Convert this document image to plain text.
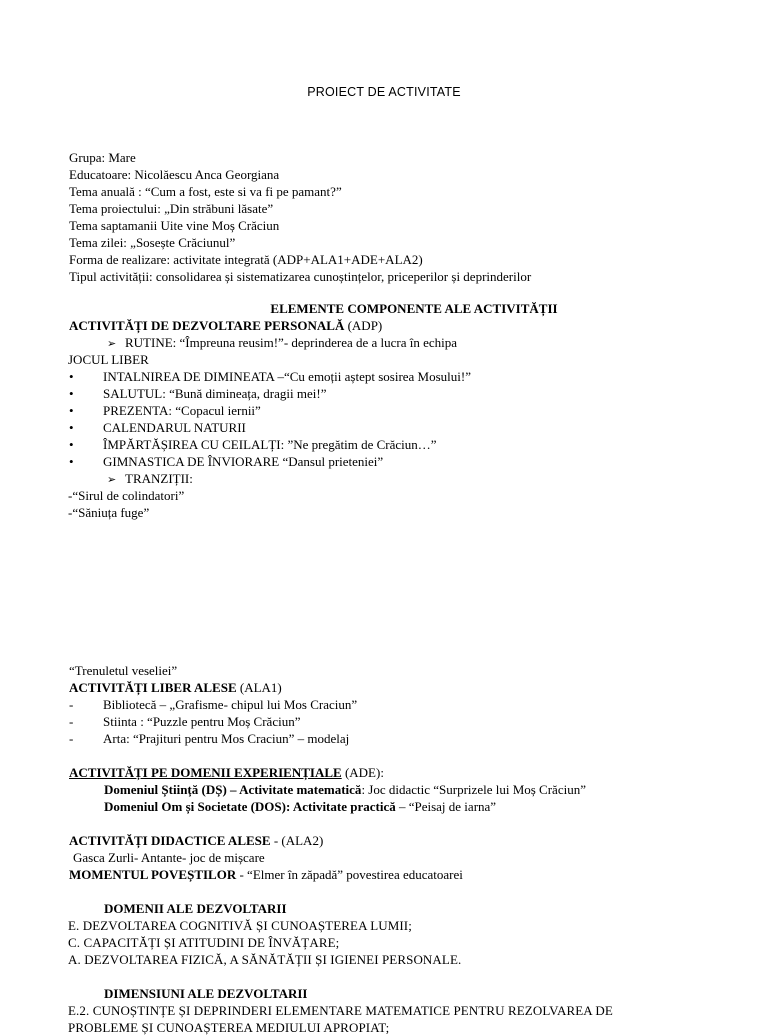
PROIECT DE ACTIVITATE
Grupa: Mare
Educatoare: Nicolăescu Anca Georgiana
Tema anuală : “Cum a fost, este si va fi pe pamant?”
Tema proiectului: „Din străbuni lăsate”
Tema saptamanii Uite vine Moș Crăciun
Tema zilei: „Sosește Crăciunul”
Forma de realizare: activitate integrată (ADP+ALA1+ADE+ALA2)
Tipul activității: consolidarea și sistematizarea cunoștințelor, priceperilor și deprinderilor
ELEMENTE COMPONENTE ALE ACTIVITĂȚII
ACTIVITĂȚI DE DEZVOLTARE PERSONALĂ (ADP)
➢ RUTINE: “Împreuna reusim!”- deprinderea de a lucra în echipa
JOCUL LIBER
•	INTALNIREA DE DIMINEATA –“Cu emoții aștept sosirea Mosului!”
•	SALUTUL: “Bună dimineața, dragii mei!”
•	PREZENTA: “Copacul iernii”
•	CALENDARUL NATURII
•	ÎMPĂRTĂȘIREA CU CEILALȚI: ”Ne pregătim de Crăciun…”
•	GIMNASTICA DE ÎNVIORARE “Dansul prieteniei”
➢ TRANZIȚII:
-“Sirul de colindatori”
-“Săniuța fuge”
“Trenuletul veseliei”
ACTIVITĂȚI LIBER ALESE (ALA1)
-	Bibliotecă – „Grafisme- chipul lui Mos Craciun”
-	Stiinta : “Puzzle pentru Moș Crăciun”
-	Arta: “Prajituri pentru Mos Craciun” – modelaj
ACTIVITĂȚI PE DOMENII EXPERIENȚIALE (ADE):
Domeniul Știință (DȘ) – Activitate matematică: Joc didactic “Surprizele lui Moș Crăciun”
Domeniul Om și Societate (DOS): Activitate practică – “Peisaj de iarna”
ACTIVITĂȚI DIDACTICE ALESE - (ALA2)
Gasca Zurli- Antante- joc de mișcare
MOMENTUL POVEȘTILOR - “Elmer în zăpadă” povestirea educatoarei
DOMENII ALE DEZVOLTARII
E. DEZVOLTAREA COGNITIVĂ ȘI CUNOAȘTEREA LUMII;
C. CAPACITĂȚI ȘI ATITUDINI DE ÎNVĂȚARE;
A. DEZVOLTAREA FIZICĂ, A SĂNĂTĂȚII ȘI IGIENEI PERSONALE.
DIMENSIUNI ALE DEZVOLTARII
E.2. CUNOȘTINȚE ȘI DEPRINDERI ELEMENTARE MATEMATICE PENTRU REZOLVAREA DE
PROBLEME ȘI CUNOAȘTEREA MEDIULUI APROPIAT;
